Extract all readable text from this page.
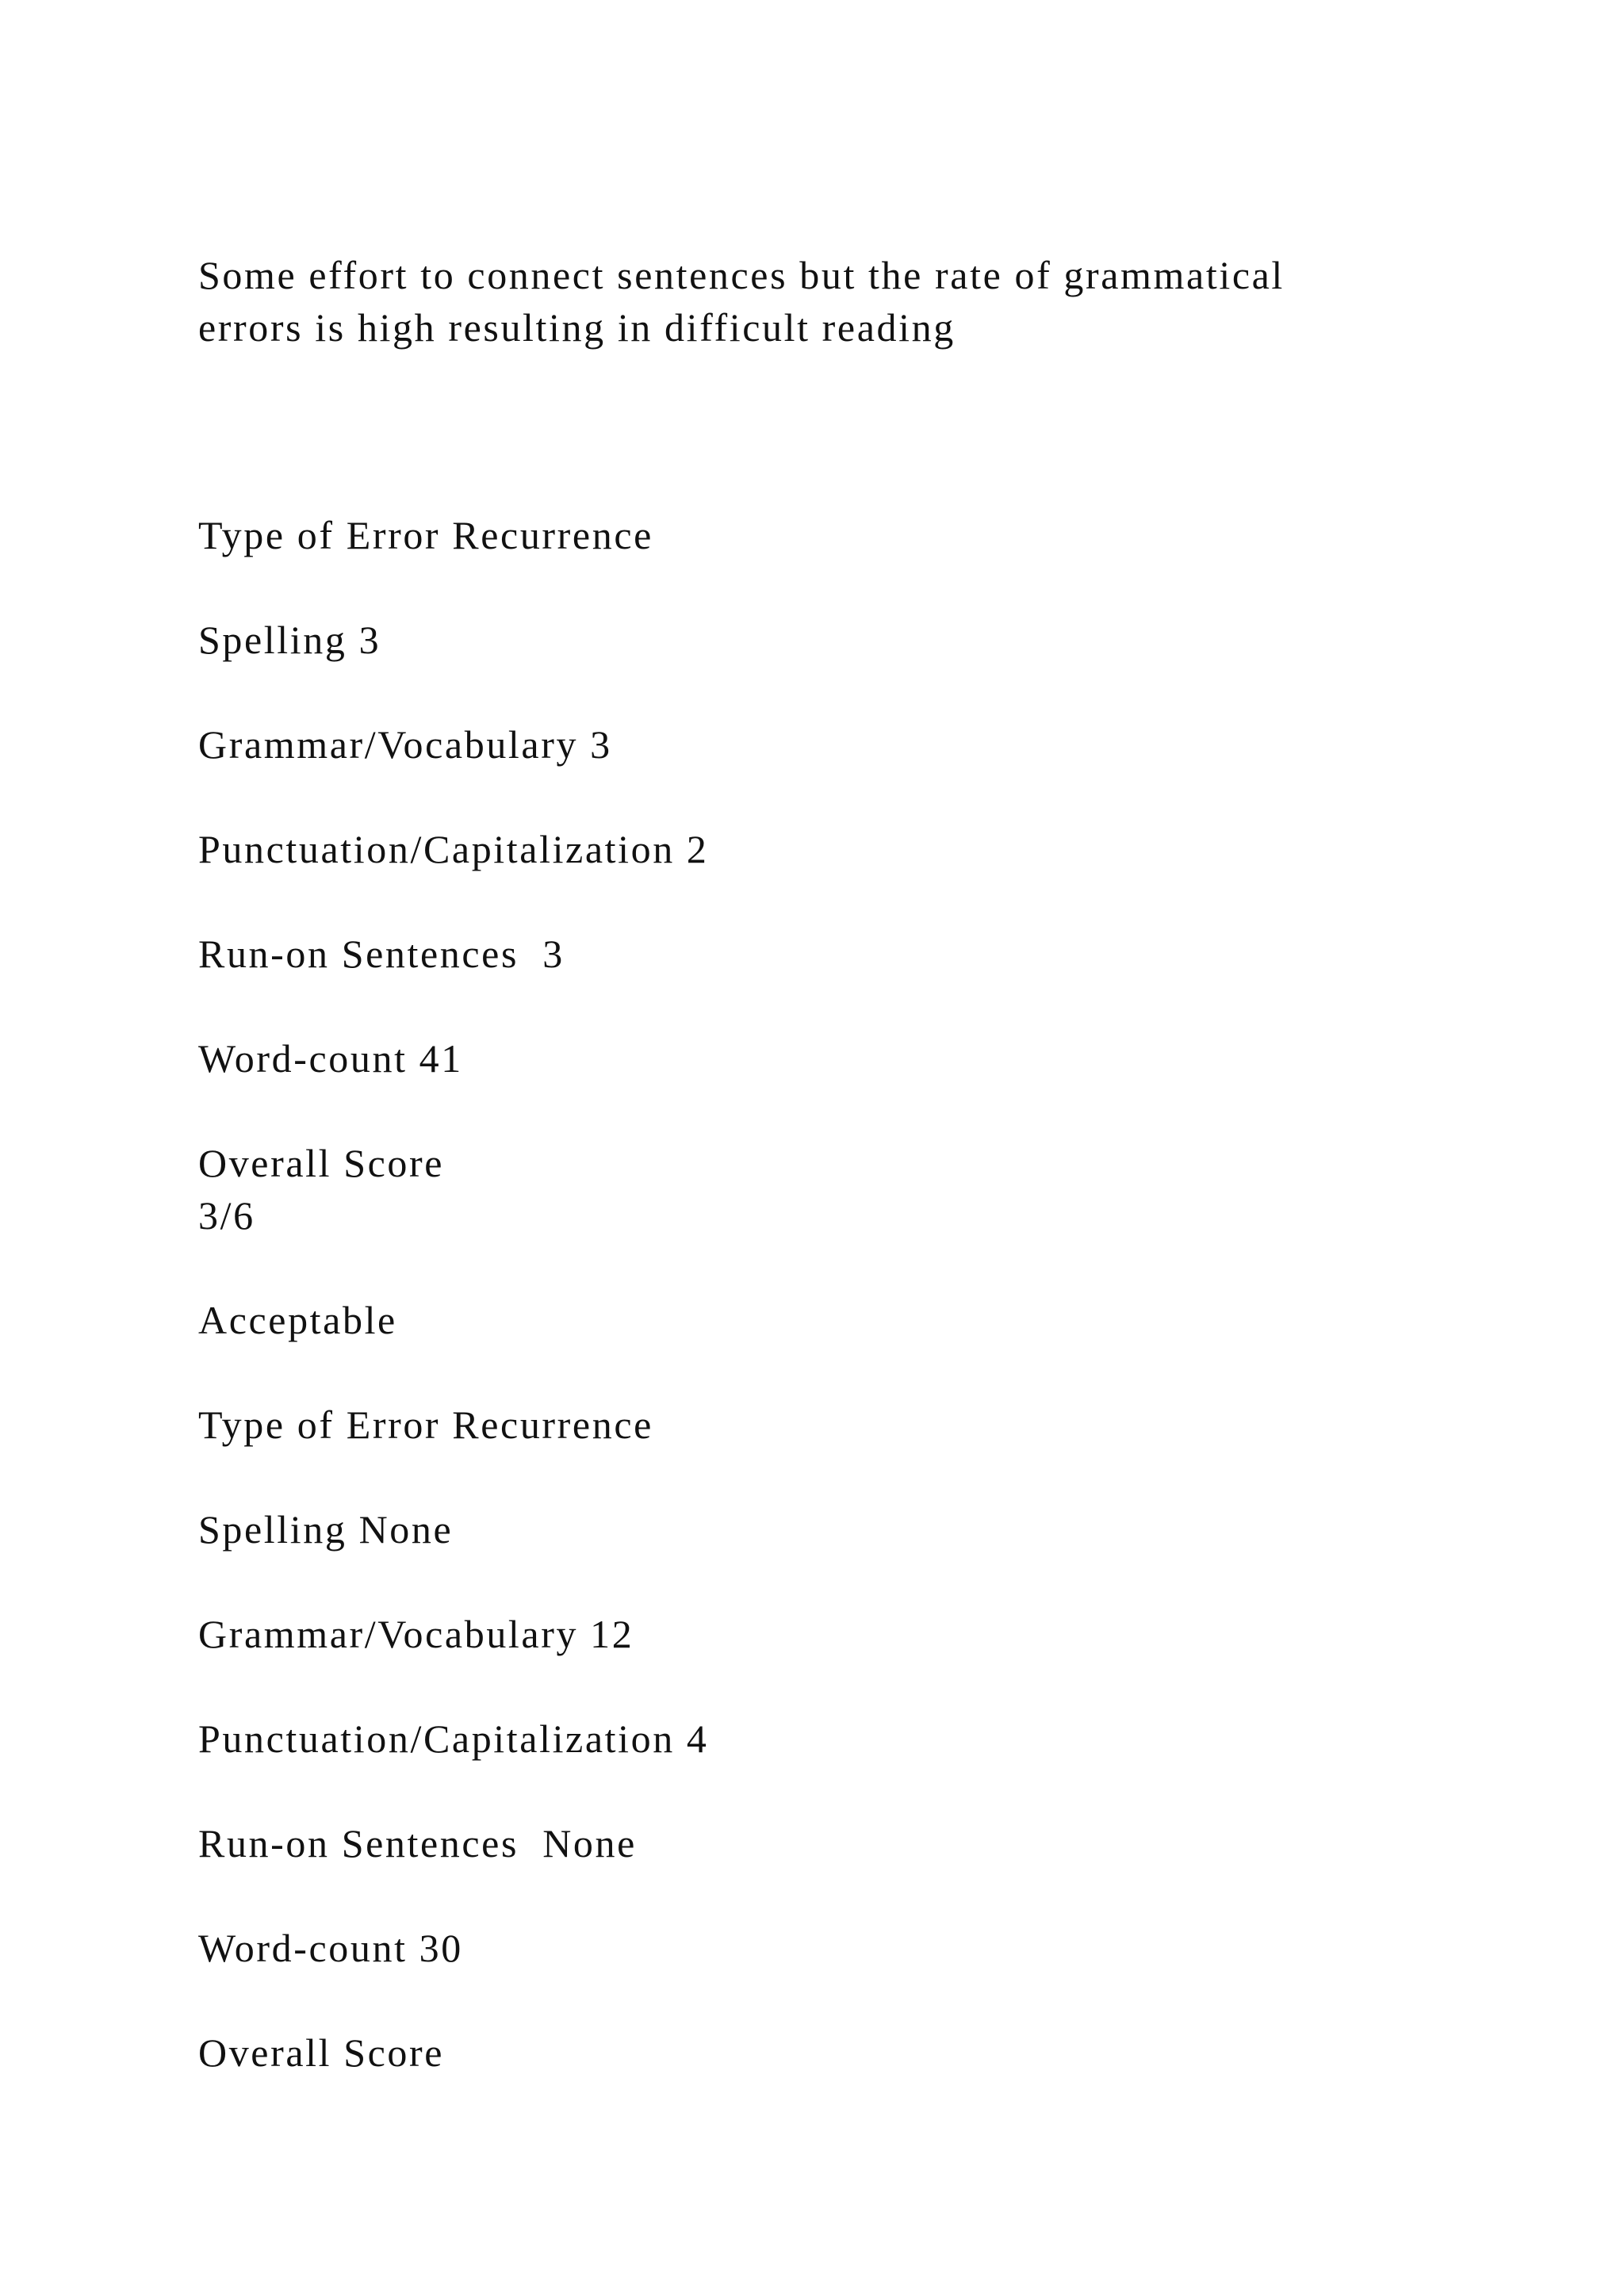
Some effort to connect sentences but the rate of grammatical

errors is high resulting in difficult reading

Type of Error Recurrence

Spelling 3

Grammar/Vocabulary 3

Punctuation/Capitalization 2

Run-on Sentences  3

Word-count 41

Overall Score

3/6

Acceptable

Type of Error Recurrence

Spelling None

Grammar/Vocabulary 12

Punctuation/Capitalization 4

Run-on Sentences  None

Word-count 30

Overall Score
